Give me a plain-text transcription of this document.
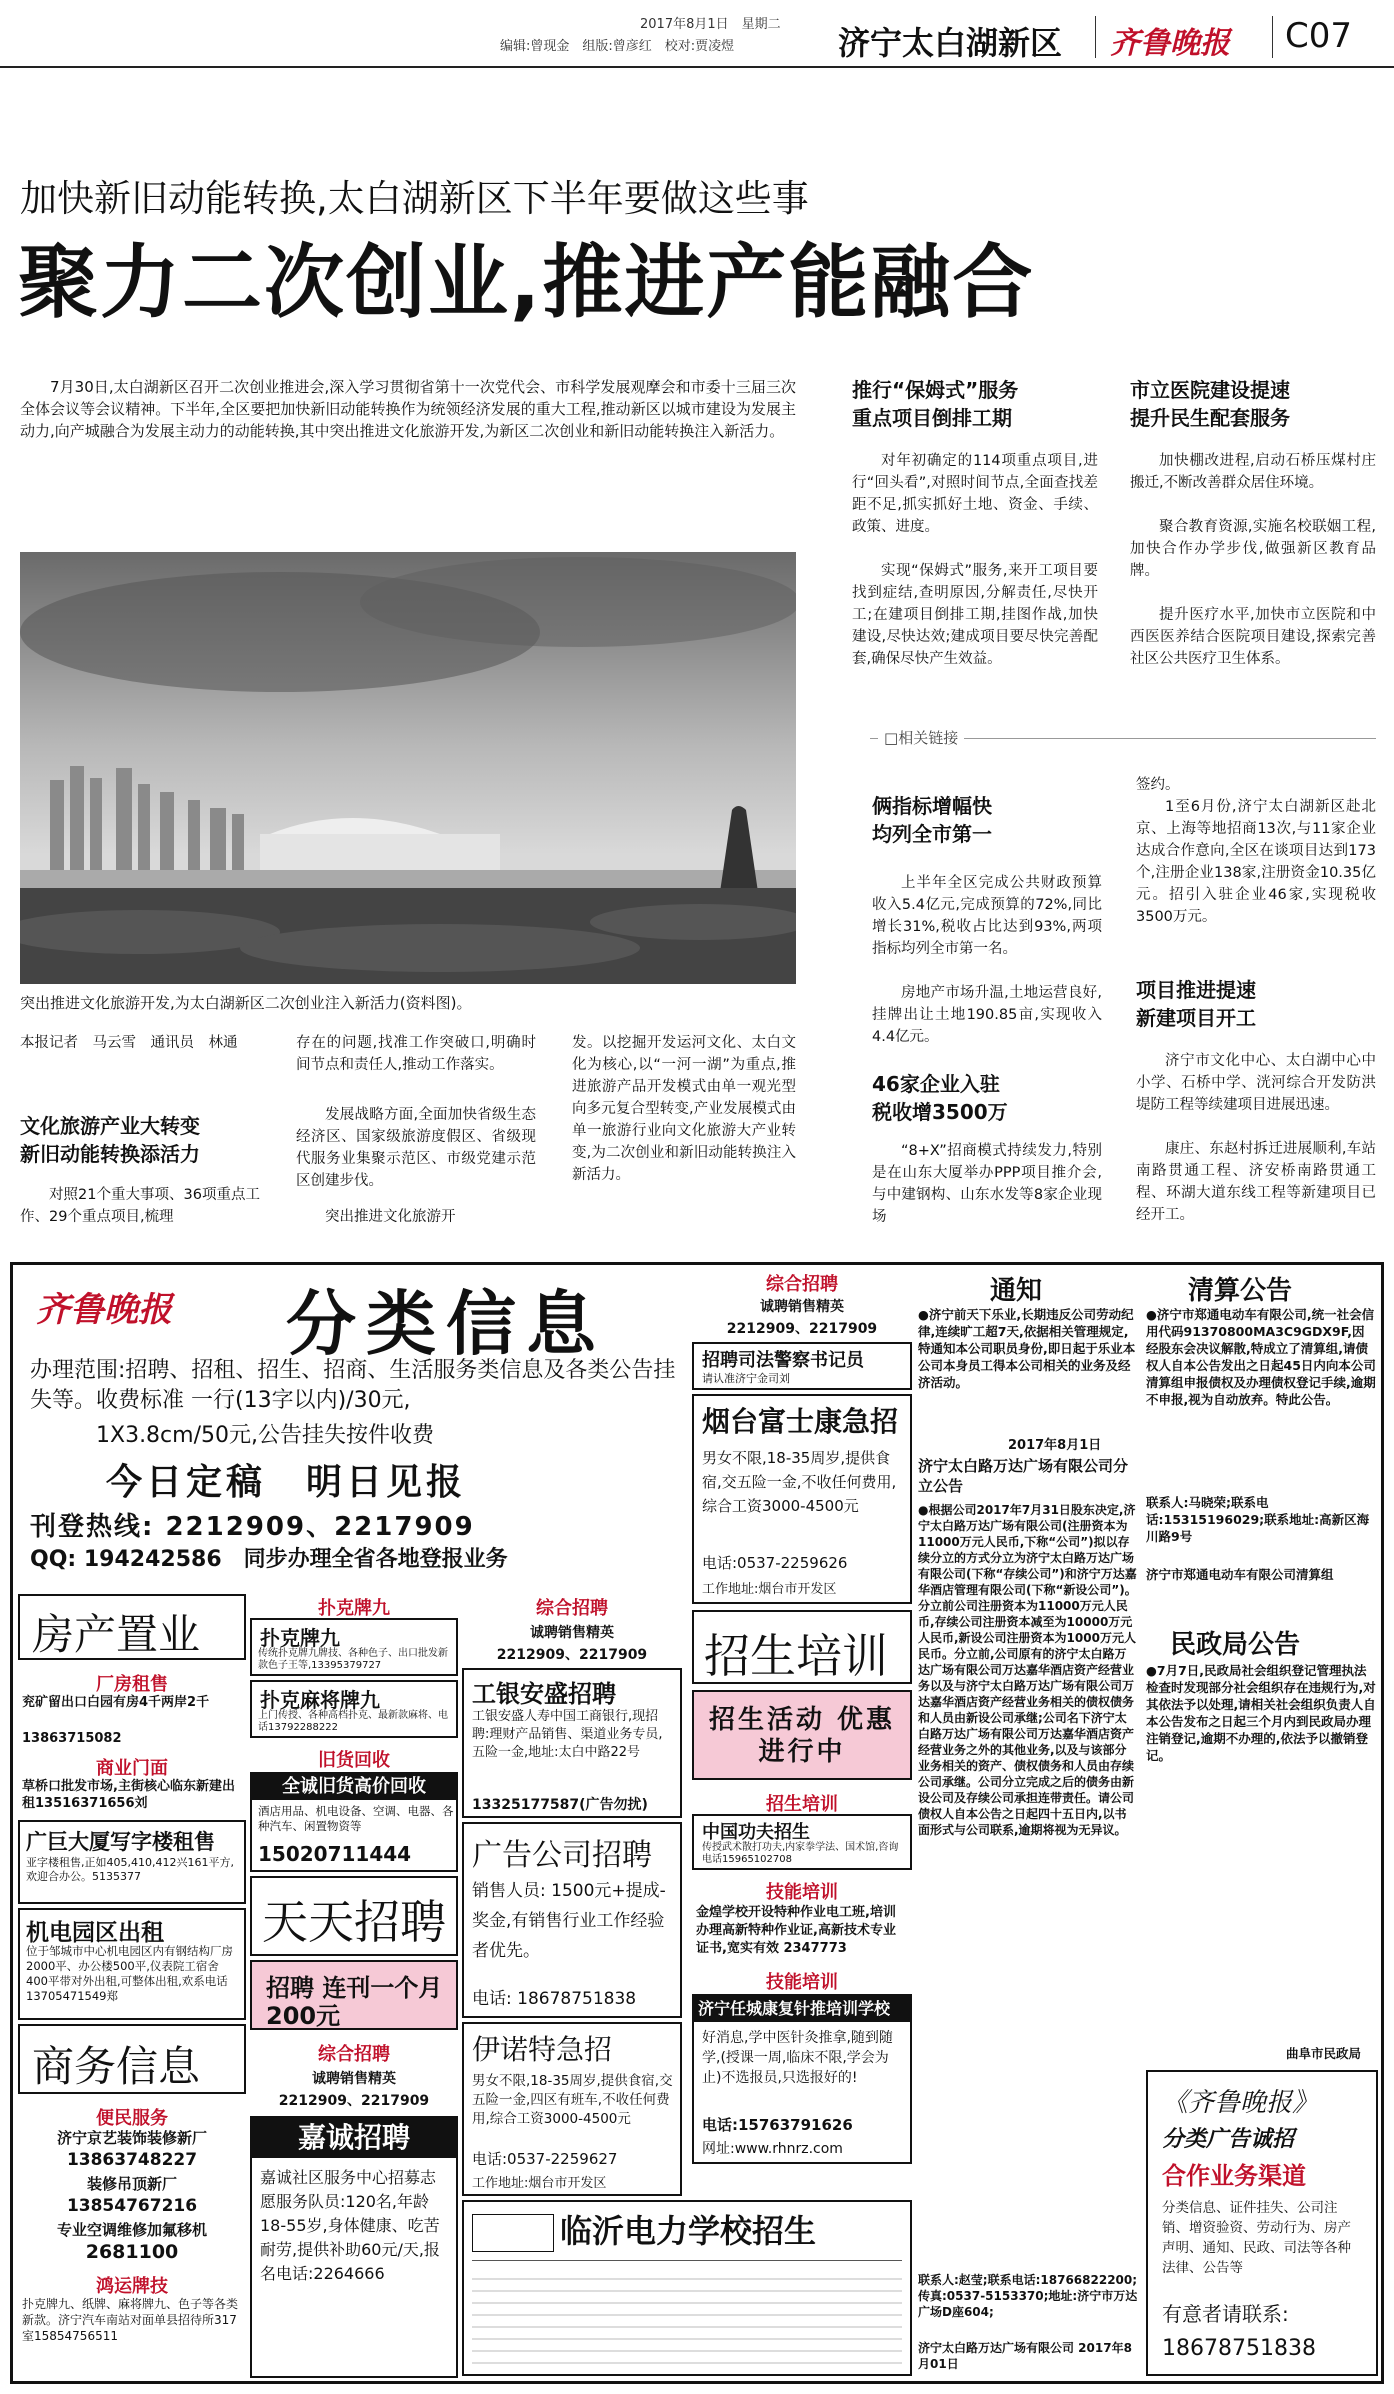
2017年8月1日　星期二
编辑:曾现金　组版:曾彦红　校对:贾凌煜	济宁太白湖新区 齐鲁晚报 C07
加快新旧动能转换,太白湖新区下半年要做这些事
聚力二次创业,推进产能融合
7月30日,太白湖新区召开二次创业推进会,深入学习贯彻省第十一次党代会、市科学发展观摩会和市委十三届三次全体会议等会议精神。下半年,全区要把加快新旧动能转换作为统领经济发展的重大工程,推动新区以城市建设为发展主动力,向产城融合为发展主动力的动能转换,其中突出推进文化旅游开发,为新区二次创业和新旧动能转换注入新活力。
突出推进文化旅游开发,为太白湖新区二次创业注入新活力(资料图)。
本报记者　马云雪　通讯员　林通
文化旅游产业大转变
新旧动能转换添活力
对照21个重大事项、36项重点工作、29个重点项目,梳理
存在的问题,找准工作突破口,明确时间节点和责任人,推动工作落实。
发展战略方面,全面加快省级生态经济区、国家级旅游度假区、省级现代服务业集聚示范区、市级党建示范区创建步伐。
突出推进文化旅游开
发。以挖掘开发运河文化、太白文化为核心,以“一河一湖”为重点,推进旅游产品开发模式由单一观光型向多元复合型转变,产业发展模式由单一旅游行业向文化旅游大产业转变,为二次创业和新旧动能转换注入新活力。
推行“保姆式”服务
重点项目倒排工期
对年初确定的114项重点项目,进行“回头看”,对照时间节点,全面查找差距不足,抓实抓好土地、资金、手续、政策、进度。
实现“保姆式”服务,来开工项目要找到症结,查明原因,分解责任,尽快开工;在建项目倒排工期,挂图作战,加快建设,尽快达效;建成项目要尽快完善配套,确保尽快产生效益。
市立医院建设提速
提升民生配套服务
加快棚改进程,启动石桥压煤村庄搬迁,不断改善群众居住环境。
聚合教育资源,实施名校联姻工程,加快合作办学步伐,做强新区教育品牌。
提升医疗水平,加快市立医院和中西医医养结合医院项目建设,探索完善社区公共医疗卫生体系。
□相关链接
俩指标增幅快
均列全市第一
上半年全区完成公共财政预算收入5.4亿元,完成预算的72%,同比增长31%,税收占比达到93%,两项指标均列全市第一名。
房地产市场升温,土地运营良好,挂牌出让土地190.85亩,实现收入4.4亿元。
46家企业入驻
税收增3500万
“8+X”招商模式持续发力,特别是在山东大厦举办PPP项目推介会,与中建钢构、山东水发等8家企业现场
签约。
1至6月份,济宁太白湖新区赴北京、上海等地招商13次,与11家企业达成合作意向,全区在谈项目达到173个,注册企业138家,注册资金10.35亿元。招引入驻企业46家,实现税收3500万元。
项目推进提速
新建项目开工
济宁市文化中心、太白湖中心中小学、石桥中学、洸河综合开发防洪堤防工程等续建项目进展迅速。
康庄、东赵村拆迁进展顺利,车站南路贯通工程、济安桥南路贯通工程、环湖大道东线工程等新建项目已经开工。
齐鲁晚报 分类信息
办理范围:招聘、招租、招生、招商、生活服务类信息及各类公告挂失等。收费标准 一行(13字以内)/30元,
1X3.8cm/50元,公告挂失按件收费
今日定稿　明日见报
刊登热线: 2212909、2217909
QQ: 194242586　同步办理全省各地登报业务
房产置业
厂房租售
兖矿留出口白园有房4千两岸2千
13863715082
商业门面
草桥口批发市场,主街核心临东新建出租13516371656刘
广巨大厦写字楼租售
亚字楼租售,正如405,410,412兴161平方,欢迎合办公。5135377
机电园区出租
位于邹城市中心机电园区内有钢结构厂房2000平、办公楼500平,仪表院工宿舍400平带对外出租,可整体出租,欢系电话13705471549郑
商务信息
便民服务
济宁京艺装饰装修新厂
13863748227
装修吊顶新厂
13854767216
专业空调维修加氟移机
2681100
鸿运牌技
扑克牌九、纸牌、麻将牌九、色子等各类新款。济宁汽车南站对面单县招待所317室15854756511
扑克牌九
扑克牌九
传统扑克牌九牌技、各种色子、出口批发新款色子王等,13395379727
扑克麻将牌九
上门传授、各种高档扑克、最新款麻将、电话13792288222
旧货回收
全诚旧货高价回收
酒店用品、机电设备、空调、电器、各种汽车、闲置物资等
15020711444
天天招聘
招聘 连刊一个月200元
综合招聘
诚聘销售精英
2212909、2217909
嘉诚招聘
嘉诚社区服务中心招募志愿服务队员:120名,年龄18-55岁,身体健康、吃苦耐劳,提供补助60元/天,报名电话:2264666
综合招聘
诚聘销售精英
2212909、2217909
工银安盛招聘
工银安盛人寿中国工商银行,现招聘:理财产品销售、渠道业务专员,五险一金,地址:太白中路22号
13325177587(广告勿扰)
广告公司招聘
销售人员: 1500元+提成-奖金,有销售行业工作经验者优先。
电话: 18678751838
伊诺特急招
男女不限,18-35周岁,提供食宿,交五险一金,四区有班车,不收任何费用,综合工资3000-4500元
电话:0537-2259627
工作地址:烟台市开发区
综合招聘
诚聘销售精英
2212909、2217909
招聘司法警察书记员
请认准济宁金司刘
烟台富士康急招
男女不限,18-35周岁,提供食宿,交五险一金,不收任何费用,综合工资3000-4500元
电话:0537-2259626
工作地址:烟台市开发区
招生培训
招生活动 优惠进行中
招生培训
中国功夫招生
传授武术散打功夫,内家拳学法、国术馆,咨询电话15965102708
技能培训
金煌学校开设特种作业电工班,培训办理高新特种作业证,高新技术专业证书,宽实有效 2347773
技能培训
济宁任城康复针推培训学校
好消息,学中医针灸推拿,随到随学,(授课一周,临床不限,学会为止)不选报员,只选报好的!
电话:15763791626
网址:www.rhnrz.com
临沂电力学校招生
通知
●济宁前天下乐业,长期违反公司劳动纪律,连续旷工超7天,依据相关管理规定,特通知本公司职员身份,即日起于乐业本公司本身员工得本公司相关的业务及经济活动。
2017年8月1日
济宁太白路万达广场有限公司分立公告
●根据公司2017年7月31日股东决定,济宁太白路万达广场有限公司(注册资本为11000万元人民币,下称“公司”)拟以存续分立的方式分立为济宁太白路万达广场有限公司(下称“存续公司”)和济宁万达嘉华酒店管理有限公司(下称“新设公司”)。分立前公司注册资本为11000万元人民币,存续公司注册资本减至为10000万元人民币,新设公司注册资本为1000万元人民币。分立前,公司原有的济宁太白路万达广场有限公司万达嘉华酒店资产经营业务以及与济宁太白路万达广场有限公司万达嘉华酒店资产经营业务相关的债权债务和人员由新设公司承继;公司名下济宁太白路万达广场有限公司万达嘉华酒店资产经营业务之外的其他业务,以及与该部分业务相关的资产、债权债务和人员由存续公司承继。公司分立完成之后的债务由新设公司及存续公司承担连带责任。请公司债权人自本公告之日起四十五日内,以书面形式与公司联系,逾期将视为无异议。
联系人:赵莹;联系电话:18766822200;传真:0537-5153370;地址:济宁市万达广场D座604;
济宁太白路万达广场有限公司 2017年8月01日
清算公告
●济宁市郑通电动车有限公司,统一社会信用代码91370800MA3C9GDX9F,因经股东会决议解散,特成立了清算组,请债权人自本公告发出之日起45日内向本公司清算组申报债权及办理债权登记手续,逾期不申报,视为自动放弃。特此公告。
联系人:马晓荣;联系电话:15315196029;联系地址:高新区海川路9号
济宁市郑通电动车有限公司清算组
民政局公告
●7月7日,民政局社会组织登记管理执法检查时发现部分社会组织存在违规行为,对其依法予以处理,请相关社会组织负责人自本公告发布之日起三个月内到民政局办理注销登记,逾期不办理的,依法予以撤销登记。
曲阜市民政局
《齐鲁晚报》
分类广告诚招
合作业务渠道
分类信息、证件挂失、公司注销、增资验资、劳动行为、房产声明、通知、民政、司法等各种法律、公告等
有意者请联系:
18678751838
